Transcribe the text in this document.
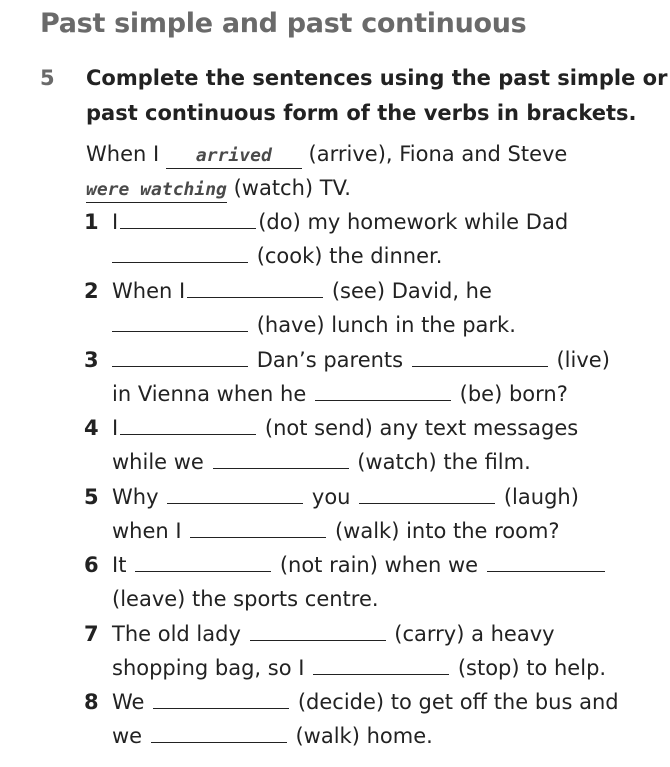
Past simple and past continuous
5 Complete the sentences using the past simple or
past continuous form of the verbs in brackets.
When I arrived (arrive), Fiona and Steve
were watching (watch) TV.
1 I	(do) my homework while Dad
(cook) the dinner.
2 When I	(see) David, he
(have) lunch in the park.
3	Dan’s parents	(live)
in Vienna when he	(be) born?
4 I	(not send) any text messages
while we	(watch) the film.
5 Why	you	(laugh)
when I	(walk) into the room?
6 It	(not rain) when we
(leave) the sports centre.
7 The old lady	(carry) a heavy
shopping bag, so I	(stop) to help.
8 We	(decide) to get off the bus and
we	(walk) home.
